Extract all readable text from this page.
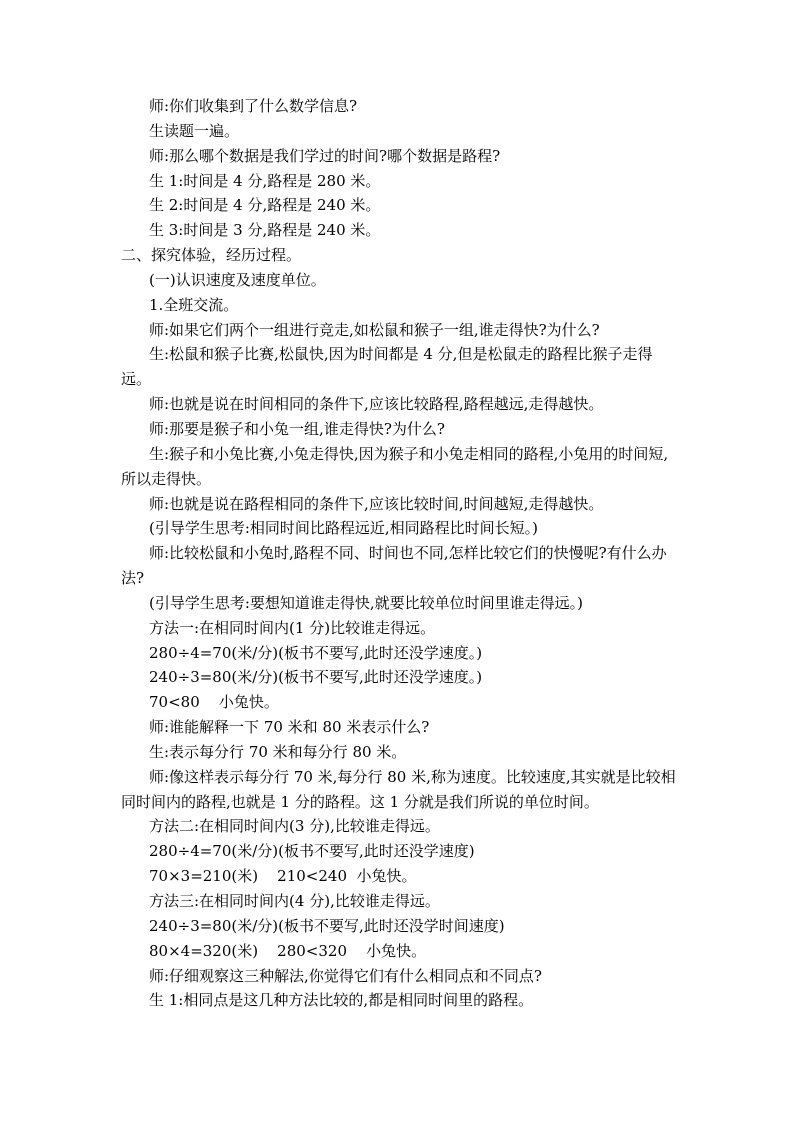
师:你们收集到了什么数学信息?

生读题一遍。

师:那么哪个数据是我们学过的时间?哪个数据是路程?

生 1:时间是 4 分,路程是 280 米。

生 2:时间是 4 分,路程是 240 米。

生 3:时间是 3 分,路程是 240 米。

二、探究体验，经历过程。

(一)认识速度及速度单位。

1.全班交流。

师:如果它们两个一组进行竞走,如松鼠和猴子一组,谁走得快?为什么?

生:松鼠和猴子比赛,松鼠快,因为时间都是 4 分,但是松鼠走的路程比猴子走得远。

师:也就是说在时间相同的条件下,应该比较路程,路程越远,走得越快。

师:那要是猴子和小兔一组,谁走得快?为什么?

生:猴子和小兔比赛,小兔走得快,因为猴子和小兔走相同的路程,小兔用的时间短,所以走得快。

师:也就是说在路程相同的条件下,应该比较时间,时间越短,走得越快。

(引导学生思考:相同时间比路程远近,相同路程比时间长短。)

师:比较松鼠和小兔时,路程不同、时间也不同,怎样比较它们的快慢呢?有什么办法?

(引导学生思考:要想知道谁走得快,就要比较单位时间里谁走得远。)

方法一:在相同时间内(1 分)比较谁走得远。

280÷4=70(米/分)(板书不要写,此时还没学速度。)

240÷3=80(米/分)(板书不要写,此时还没学速度。)

70<80    小兔快。

师:谁能解释一下 70 米和 80 米表示什么?

生:表示每分行 70 米和每分行 80 米。

师:像这样表示每分行 70 米,每分行 80 米,称为速度。比较速度,其实就是比较相同时间内的路程,也就是 1 分的路程。这 1 分就是我们所说的单位时间。

方法二:在相同时间内(3 分),比较谁走得远。

280÷4=70(米/分)(板书不要写,此时还没学速度)

70×3=210(米)    210<240  小兔快。

方法三:在相同时间内(4 分),比较谁走得远。

240÷3=80(米/分)(板书不要写,此时还没学时间速度)

80×4=320(米)    280<320    小兔快。

师:仔细观察这三种解法,你觉得它们有什么相同点和不同点?

生 1:相同点是这几种方法比较的,都是相同时间里的路程。
